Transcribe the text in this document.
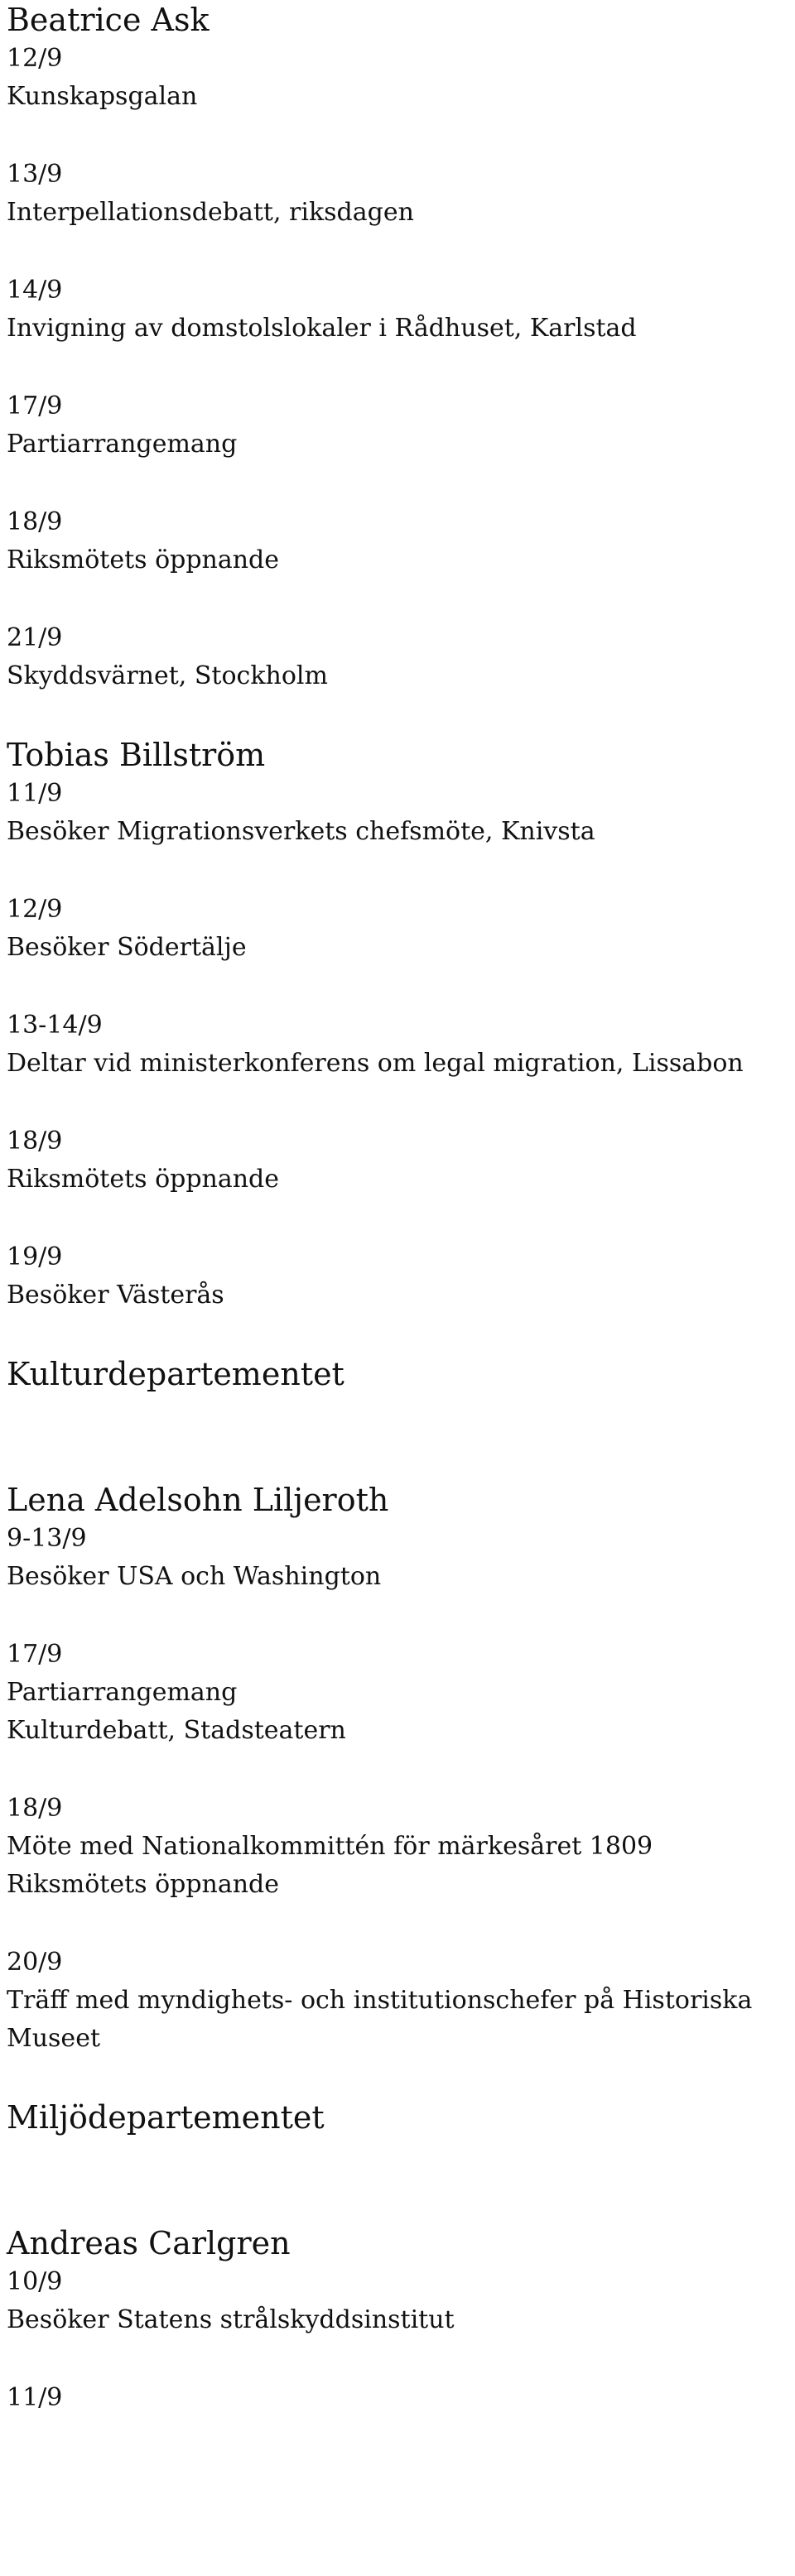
Beatrice Ask
12/9
Kunskapsgalan
13/9
Interpellationsdebatt, riksdagen
14/9
Invigning av domstolslokaler i Rådhuset, Karlstad
17/9
Partiarrangemang
18/9
Riksmötets öppnande
21/9
Skyddsvärnet, Stockholm
Tobias Billström
11/9
Besöker Migrationsverkets chefsmöte, Knivsta
12/9
Besöker Södertälje
13-14/9
Deltar vid ministerkonferens om legal migration, Lissabon
18/9
Riksmötets öppnande
19/9
Besöker Västerås
Kulturdepartementet
Lena Adelsohn Liljeroth
9-13/9
Besöker USA och Washington
17/9
Partiarrangemang
Kulturdebatt, Stadsteatern
18/9
Möte med Nationalkommittén för märkesåret 1809
Riksmötets öppnande
20/9
Träff med myndighets- och institutionschefer på Historiska Museet
Miljödepartementet
Andreas Carlgren
10/9
Besöker Statens strålskyddsinstitut
11/9
